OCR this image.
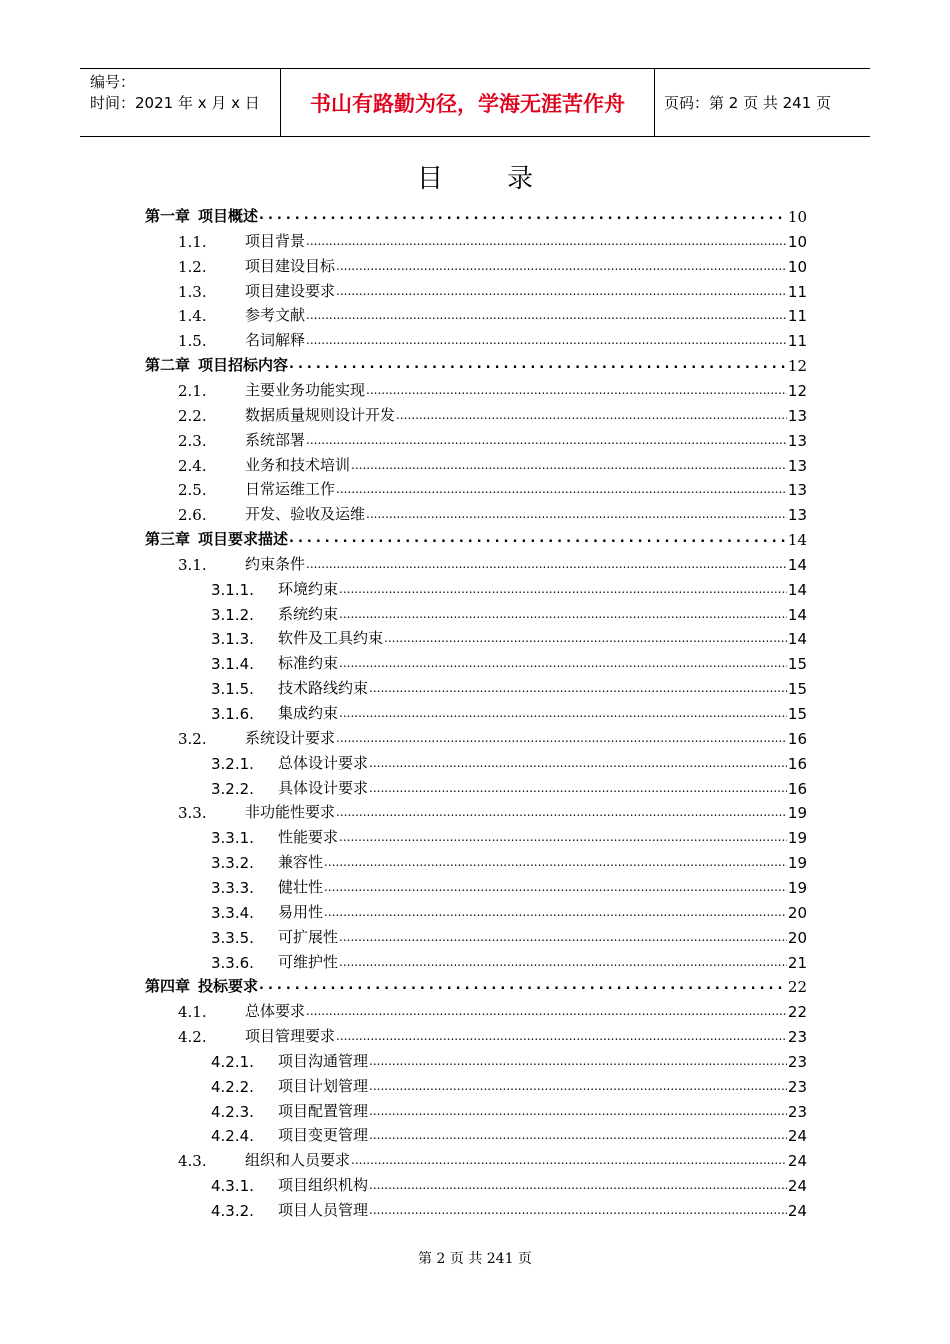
编号：
时间：2021 年 x 月 x 日	书山有路勤为径，学海无涯苦作舟	页码：第 2 页 共 241 页
目 录
第一章 项目概述 .....	10
1.1.	项目背景 .....	10
1.2.	项目建设目标 .....	10
1.3.	项目建设要求 .....	11
1.4.	参考文献 .....	11
1.5.	名词解释 .....	11
第二章 项目招标内容 .....	12
2.1.	主要业务功能实现 .....	12
2.2.	数据质量规则设计开发 .....	13
2.3.	系统部署 .....	13
2.4.	业务和技术培训 .....	13
2.5.	日常运维工作 .....	13
2.6.	开发、验收及运维 .....	13
第三章 项目要求描述 .....	14
3.1.	约束条件 .....	14
3.1.1.	环境约束 .....	14
3.1.2.	系统约束 .....	14
3.1.3.	软件及工具约束 .....	14
3.1.4.	标准约束 .....	15
3.1.5.	技术路线约束 .....	15
3.1.6.	集成约束 .....	15
3.2.	系统设计要求 .....	16
3.2.1.	总体设计要求 .....	16
3.2.2.	具体设计要求 .....	16
3.3.	非功能性要求 .....	19
3.3.1.	性能要求 .....	19
3.3.2.	兼容性 .....	19
3.3.3.	健壮性 .....	19
3.3.4.	易用性 .....	20
3.3.5.	可扩展性 .....	20
3.3.6.	可维护性 .....	21
第四章 投标要求 .....	22
4.1.	总体要求 .....	22
4.2.	项目管理要求 .....	23
4.2.1.	项目沟通管理 .....	23
4.2.2.	项目计划管理 .....	23
4.2.3.	项目配置管理 .....	23
4.2.4.	项目变更管理 .....	24
4.3.	组织和人员要求 .....	24
4.3.1.	项目组织机构 .....	24
4.3.2.	项目人员管理 .....	24
第 2 页 共 241 页
